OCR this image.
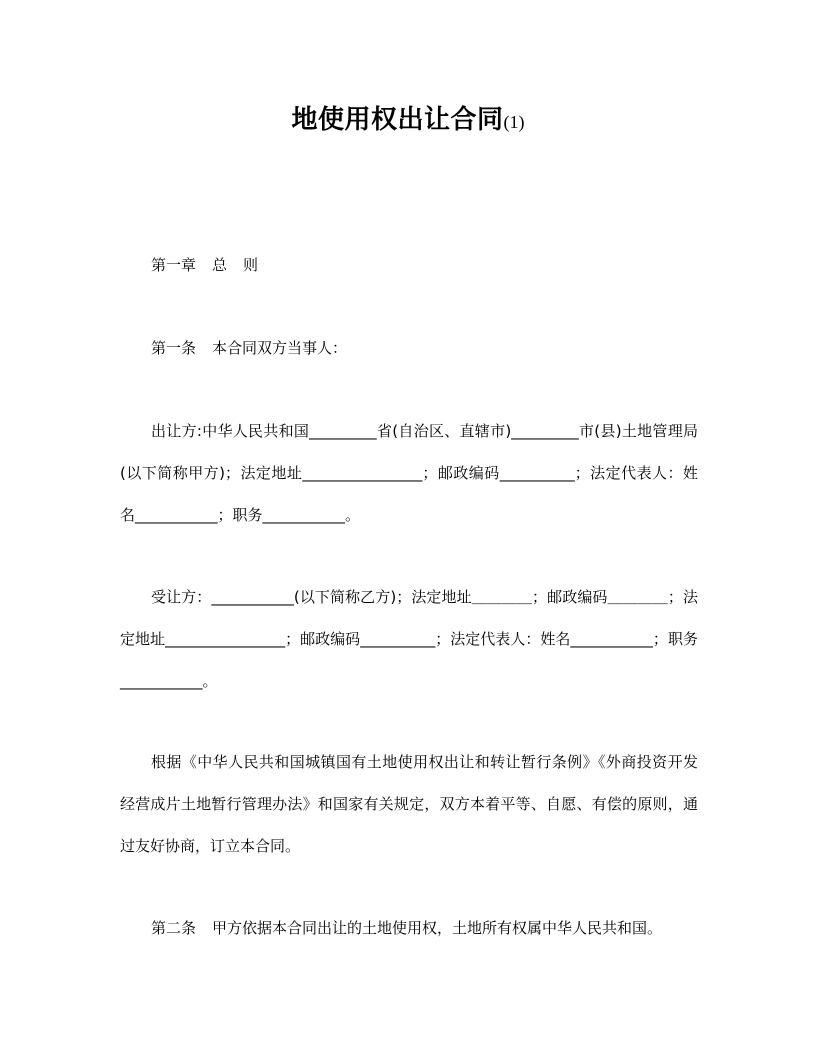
地使用权出让合同(1)
第一章 总 则
第一条 本合同双方当事人：
出让方:中华人民共和国_________省(自治区、直辖市)_________市(县)土地管理局(以下简称甲方)；法定地址________________；邮政编码__________；法定代表人：姓名___________；职务___________。
受让方：___________(以下简称乙方)；法定地址＿＿＿＿；邮政编码＿＿＿＿；法定地址________________；邮政编码__________；法定代表人：姓名___________；职务___________。
根据《中华人民共和国城镇国有土地使用权出让和转让暂行条例》《外商投资开发经营成片土地暂行管理办法》和国家有关规定，双方本着平等、自愿、有偿的原则，通过友好协商，订立本合同。
第二条 甲方依据本合同出让的土地使用权，土地所有权属中华人民共和国。
